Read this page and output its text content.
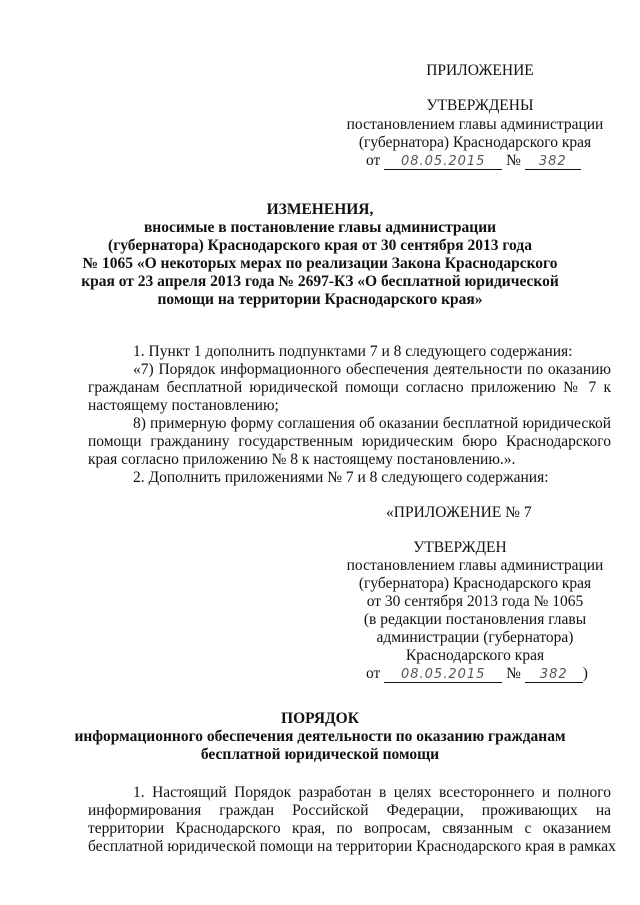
ПРИЛОЖЕНИЕ
УТВЕРЖДЕНЫ
постановлением главы администрации
(губернатора) Краснодарского края
от 08.05.2015 № 382
ИЗМЕНЕНИЯ,
вносимые в постановление главы администрации
(губернатора) Краснодарского края от 30 сентября 2013 года
№ 1065 «О некоторых мерах по реализации Закона Краснодарского
края от 23 апреля 2013 года № 2697-КЗ «О бесплатной юридической
помощи на территории Краснодарского края»
1. Пункт 1 дополнить подпунктами 7 и 8 следующего содержания:
«7) Порядок информационного обеспечения деятельности по оказанию
гражданам бесплатной юридической помощи согласно приложению № 7 к
настоящему постановлению;
8) примерную форму соглашения об оказании бесплатной юридической
помощи гражданину государственным юридическим бюро Краснодарского
края согласно приложению № 8 к настоящему постановлению.».
2. Дополнить приложениями № 7 и 8 следующего содержания:
«ПРИЛОЖЕНИЕ № 7
УТВЕРЖДЕН
постановлением главы администрации
(губернатора) Краснодарского края
от 30 сентября 2013 года № 1065
(в редакции постановления главы
администрации (губернатора)
Краснодарского края
от 08.05.2015 № 382 )
ПОРЯДОК
информационного обеспечения деятельности по оказанию гражданам
бесплатной юридической помощи
1. Настоящий Порядок разработан в целях всестороннего и полного
информирования граждан Российской Федерации, проживающих на
территории Краснодарского края, по вопросам, связанным с оказанием
бесплатной юридической помощи на территории Краснодарского края в рамках
